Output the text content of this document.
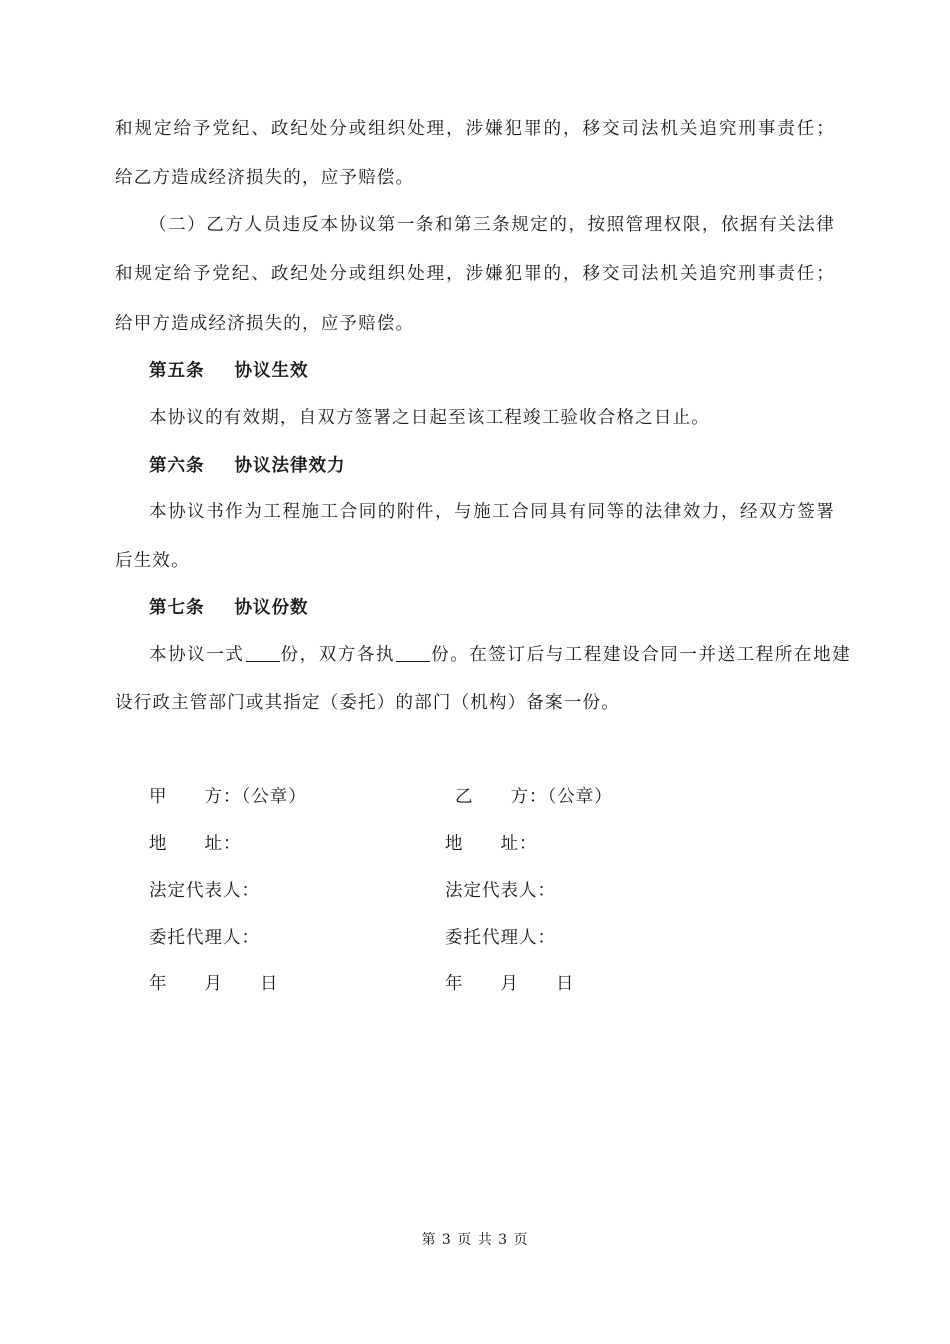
和规定给予党纪、政纪处分或组织处理，涉嫌犯罪的，移交司法机关追究刑事责任；
给乙方造成经济损失的，应予赔偿。
（二）乙方人员违反本协议第一条和第三条规定的，按照管理权限，依据有关法律
和规定给予党纪、政纪处分或组织处理，涉嫌犯罪的，移交司法机关追究刑事责任；
给甲方造成经济损失的，应予赔偿。
第五条 协议生效
本协议的有效期，自双方签署之日起至该工程竣工验收合格之日止。
第六条 协议法律效力
本协议书作为工程施工合同的附件，与施工合同具有同等的法律效力，经双方签署
后生效。
第七条 协议份数
本协议一式 份，双方各执 份。在签订后与工程建设合同一并送工程所在地建
设行政主管部门或其指定（委托）的部门（机构）备案一份。
甲　　方：（公章）
地　　址：
法定代表人：
委托代理人：
年　　月　　日
乙　　方：（公章）
地　　址：
法定代表人：
委托代理人：
年　　月　　日
第 3 页 共 3 页
